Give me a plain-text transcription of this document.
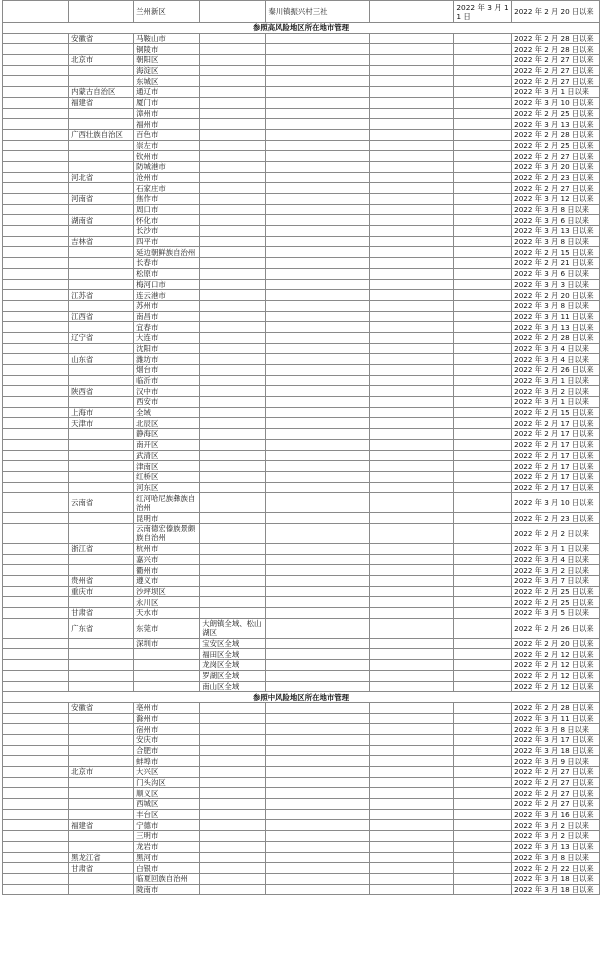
		兰州新区		秦川镇振兴村三社		2022 年 3 月 11 日	2022 年 2 月 20 日以来
参照高风险地区所在地市管理							
	安徽省	马鞍山市					2022 年 2 月 28 日以来
		铜陵市					2022 年 2 月 28 日以来
	北京市	朝阳区					2022 年 2 月 27 日以来
		海淀区					2022 年 2 月 27 日以来
		东城区					2022 年 2 月 27 日以来
	内蒙古自治区	通辽市					2022 年 3 月 1 日以来
	福建省	厦门市					2022 年 3 月 10 日以来
		漳州市					2022 年 2 月 25 日以来
		福州市					2022 年 3 月 13 日以来
	广西壮族自治区	百色市					2022 年 2 月 28 日以来
		崇左市					2022 年 2 月 25 日以来
		钦州市					2022 年 2 月 27 日以来
		防城港市					2022 年 3 月 20 日以来
	河北省	沧州市					2022 年 2 月 23 日以来
		石家庄市					2022 年 2 月 27 日以来
	河南省	焦作市					2022 年 3 月 12 日以来
		周口市					2022 年 3 月 8 日以来
	湖南省	怀化市					2022 年 3 月 6 日以来
		长沙市					2022 年 3 月 13 日以来
	吉林省	四平市					2022 年 3 月 8 日以来
		延边朝鲜族自治州					2022 年 2 月 15 日以来
		长春市					2022 年 2 月 21 日以来
		松原市					2022 年 3 月 6 日以来
		梅河口市					2022 年 3 月 3 日以来
	江苏省	连云港市					2022 年 2 月 20 日以来
		苏州市					2022 年 3 月 8 日以来
	江西省	南昌市					2022 年 3 月 11 日以来
		宜春市					2022 年 3 月 13 日以来
	辽宁省	大连市					2022 年 2 月 28 日以来
		沈阳市					2022 年 3 月 4 日以来
	山东省	潍坊市					2022 年 3 月 4 日以来
		烟台市					2022 年 2 月 26 日以来
		临沂市					2022 年 3 月 1 日以来
	陕西省	汉中市					2022 年 3 月 2 日以来
		西安市					2022 年 3 月 1 日以来
	上海市	全域					2022 年 2 月 15 日以来
	天津市	北辰区					2022 年 2 月 17 日以来
		静海区					2022 年 2 月 17 日以来
		南开区					2022 年 2 月 17 日以来
		武清区					2022 年 2 月 17 日以来
		津南区					2022 年 2 月 17 日以来
		红桥区					2022 年 2 月 17 日以来
		河东区					2022 年 2 月 17 日以来
	云南省	红河哈尼族彝族自治州					2022 年 3 月 10 日以来
		昆明市					2022 年 2 月 23 日以来
		云南德宏傣族景颇族自治州					2022 年 2 月 2 日以来
	浙江省	杭州市					2022 年 3 月 1 日以来
		嘉兴市					2022 年 3 月 4 日以来
		衢州市					2022 年 3 月 2 日以来
	贵州省	遵义市					2022 年 3 月 7 日以来
	重庆市	沙坪坝区					2022 年 2 月 25 日以来
		永川区					2022 年 2 月 25 日以来
	甘肃省	天水市					2022 年 3 月 5 日以来
	广东省	东莞市	大朗镇全域、松山湖区				2022 年 2 月 26 日以来
		深圳市	宝安区全域				2022 年 2 月 20 日以来
			福田区全域				2022 年 2 月 12 日以来
			龙岗区全域				2022 年 2 月 12 日以来
			罗湖区全域				2022 年 2 月 12 日以来
			南山区全域				2022 年 2 月 12 日以来
参照中风险地区所在地市管理							
	安徽省	亳州市					2022 年 2 月 28 日以来
		滁州市					2022 年 3 月 11 日以来
		宿州市					2022 年 3 月 8 日以来
		安庆市					2022 年 3 月 17 日以来
		合肥市					2022 年 3 月 18 日以来
		蚌埠市					2022 年 3 月 9 日以来
	北京市	大兴区					2022 年 2 月 27 日以来
		门头沟区					2022 年 2 月 27 日以来
		顺义区					2022 年 2 月 27 日以来
		西城区					2022 年 2 月 27 日以来
		丰台区					2022 年 3 月 16 日以来
	福建省	宁德市					2022 年 3 月 2 日以来
		三明市					2022 年 3 月 2 日以来
		龙岩市					2022 年 3 月 13 日以来
	黑龙江省	黑河市					2022 年 3 月 8 日以来
	甘肃省	白银市					2022 年 2 月 22 日以来
		临夏回族自治州					2022 年 3 月 18 日以来
		陇南市					2022 年 3 月 18 日以来
